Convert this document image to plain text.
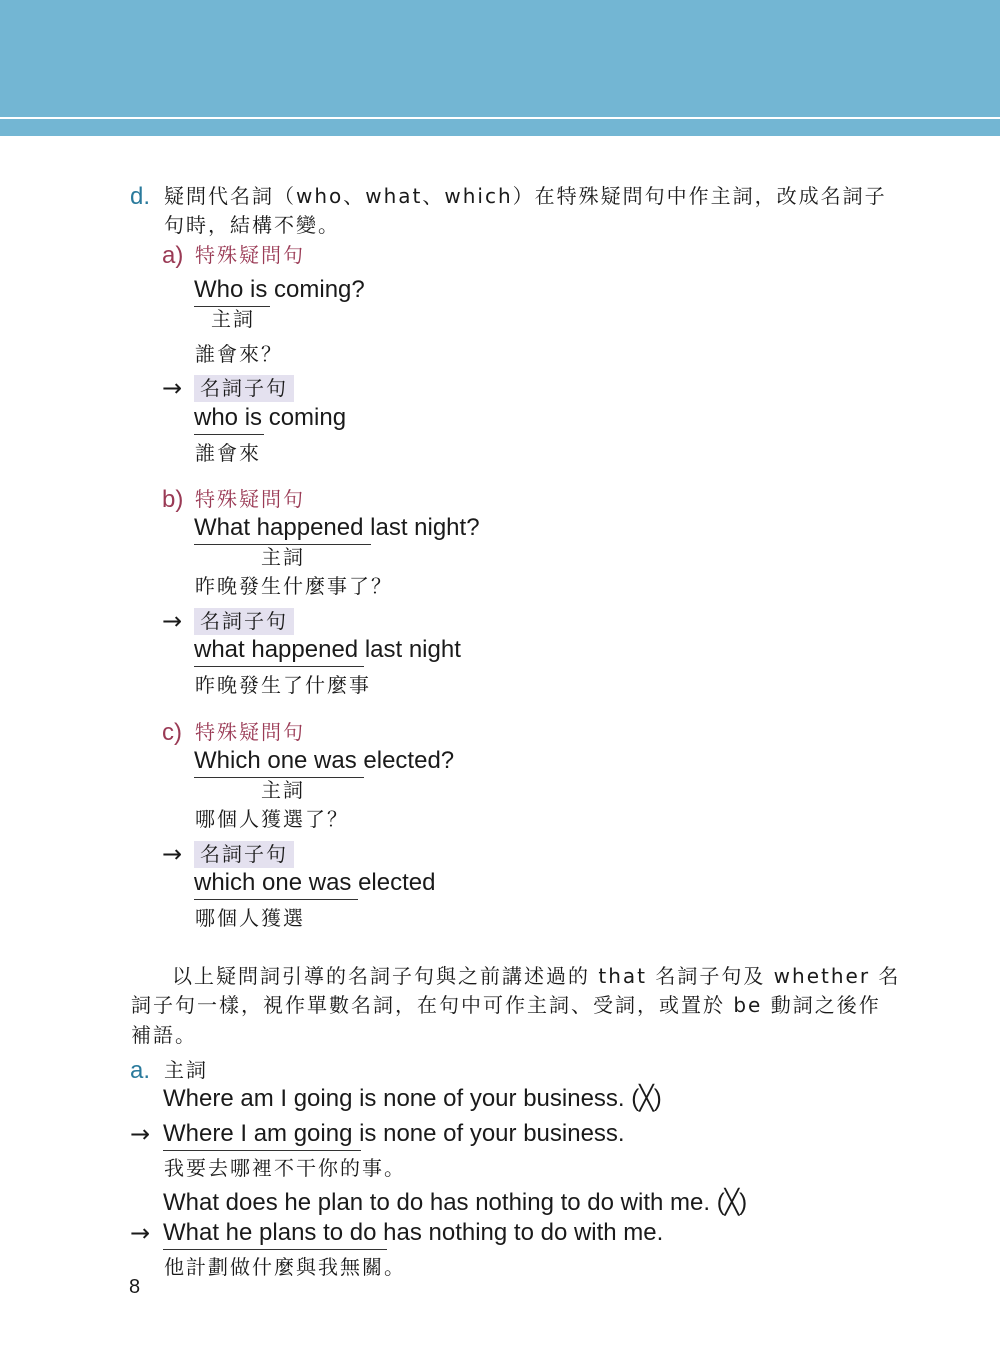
d. 疑問代名詞（who、what、which）在特殊疑問句中作主詞，改成名詞子
句時，結構不變。
a) 特殊疑問句
Who is coming?
主詞
誰會來？
→ 名詞子句
who is coming
誰會來
b) 特殊疑問句
What happened last night?
主詞
昨晚發生什麼事了？
→ 名詞子句
what happened last night
昨晚發生了什麼事
c) 特殊疑問句
Which one was elected?
主詞
哪個人獲選了？
→ 名詞子句
which one was elected
哪個人獲選
以上疑問詞引導的名詞子句與之前講述過的 that 名詞子句及 whether 名
詞子句一樣，視作單數名詞，在句中可作主詞、受詞，或置於 be 動詞之後作
補語。
a. 主詞
Where am I going is none of your business. (╳)
→ Where I am going is none of your business.
我要去哪裡不干你的事。
What does he plan to do has nothing to do with me. (╳)
→ What he plans to do has nothing to do with me.
他計劃做什麼與我無關。
8
